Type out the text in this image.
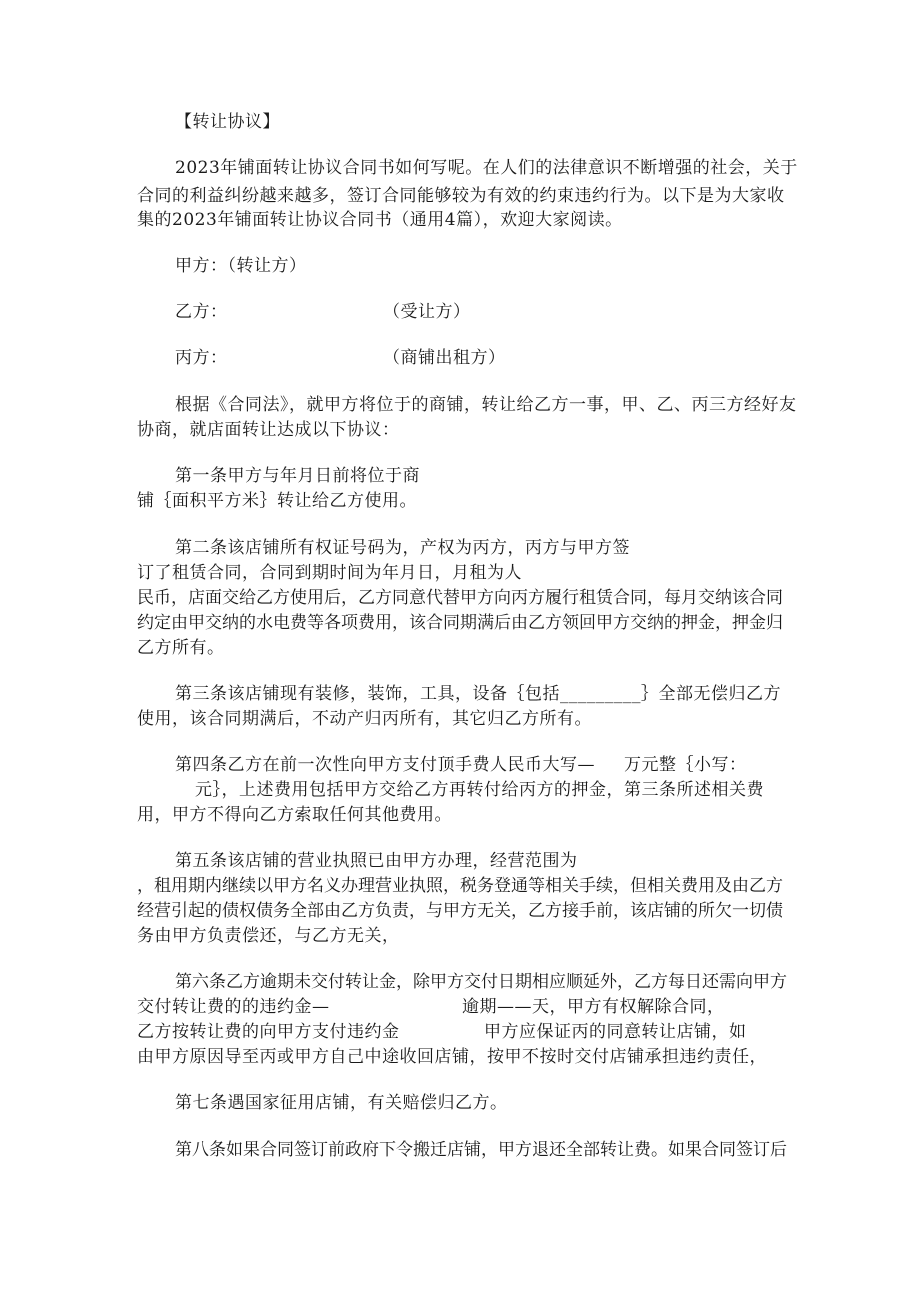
【转让协议】
2023年铺面转让协议合同书如何写呢。在人们的法律意识不断增强的社会，关于
合同的利益纠纷越来越多，签订合同能够较为有效的约束违约行为。以下是为大家收
集的2023年铺面转让协议合同书（通用4篇），欢迎大家阅读。
甲方：（转让方）
乙方：	（受让方）
丙方：	（商铺出租方）
根据《合同法》，就甲方将位于的商铺，转让给乙方一事，甲、乙、丙三方经好友
协商，就店面转让达成以下协议：
第一条甲方与年月日前将位于商
铺｛面积平方米｝转让给乙方使用。
第二条该店铺所有权证号码为，产权为丙方，丙方与甲方签
订了租赁合同，合同到期时间为年月日，月租为人
民币，店面交给乙方使用后，乙方同意代替甲方向丙方履行租赁合同，每月交纳该合同
约定由甲交纳的水电费等各项费用，该合同期满后由乙方领回甲方交纳的押金，押金归
乙方所有。
第三条该店铺现有装修，装饰，工具，设备｛包括_________｝全部无偿归乙方
使用，该合同期满后，不动产归丙所有，其它归乙方所有。
第四条乙方在前一次性向甲方支付顶手费人民币大写— 万元整｛小写：
元｝，上述费用包括甲方交给乙方再转付给丙方的押金，第三条所述相关费
用，甲方不得向乙方索取任何其他费用。
第五条该店铺的营业执照已由甲方办理，经营范围为
，租用期内继续以甲方名义办理营业执照，税务登通等相关手续，但相关费用及由乙方
经营引起的债权债务全部由乙方负责，与甲方无关，乙方接手前，该店铺的所欠一切债
务由甲方负责偿还，与乙方无关，
第六条乙方逾期未交付转让金，除甲方交付日期相应顺延外，乙方每日还需向甲方
交付转让费的的违约金—	逾期——天，甲方有权解除合同，
乙方按转让费的向甲方支付违约金	甲方应保证丙的同意转让店铺，如
由甲方原因导至丙或甲方自己中途收回店铺，按甲不按时交付店铺承担违约责任，
第七条遇国家征用店铺，有关赔偿归乙方。
第八条如果合同签订前政府下令搬迁店铺，甲方退还全部转让费。如果合同签订后
